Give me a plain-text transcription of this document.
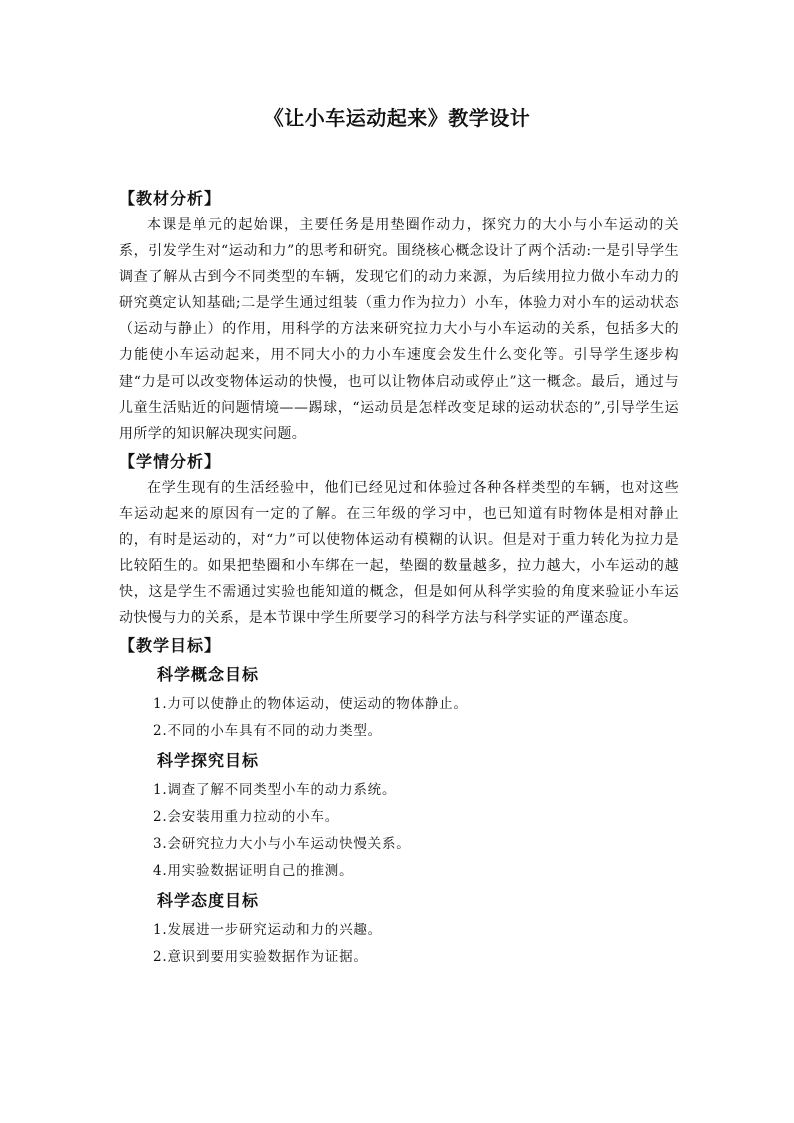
《让小车运动起来》教学设计
【教材分析】

本课是单元的起始课，主要任务是用垫圈作动力，探究力的大小与小车运动的关系，引发学生对“运动和力”的思考和研究。围绕核心概念设计了两个活动:一是引导学生调查了解从古到今不同类型的车辆，发现它们的动力来源，为后续用拉力做小车动力的研究奠定认知基础;二是学生通过组装（重力作为拉力）小车，体验力对小车的运动状态（运动与静止）的作用，用科学的方法来研究拉力大小与小车运动的关系，包括多大的力能使小车运动起来，用不同大小的力小车速度会发生什么变化等。引导学生逐步构建“力是可以改变物体运动的快慢，也可以让物体启动或停止”这一概念。最后，通过与儿童生活贴近的问题情境——踢球，“运动员是怎样改变足球的运动状态的”,引导学生运用所学的知识解决现实问题。

【学情分析】

在学生现有的生活经验中，他们已经见过和体验过各种各样类型的车辆，也对这些车运动起来的原因有一定的了解。在三年级的学习中，也已知道有时物体是相对静止的，有时是运动的，对“力”可以使物体运动有模糊的认识。但是对于重力转化为拉力是比较陌生的。如果把垫圈和小车绑在一起，垫圈的数量越多，拉力越大，小车运动的越快，这是学生不需通过实验也能知道的概念，但是如何从科学实验的角度来验证小车运动快慢与力的关系，是本节课中学生所要学习的科学方法与科学实证的严谨态度。

【教学目标】
科学概念目标
1.力可以使静止的物体运动，使运动的物体静止。
2.不同的小车具有不同的动力类型。
科学探究目标
1.调查了解不同类型小车的动力系统。
2.会安装用重力拉动的小车。
3.会研究拉力大小与小车运动快慢关系。
4.用实验数据证明自己的推测。
科学态度目标
1.发展进一步研究运动和力的兴趣。
2.意识到要用实验数据作为证据。
